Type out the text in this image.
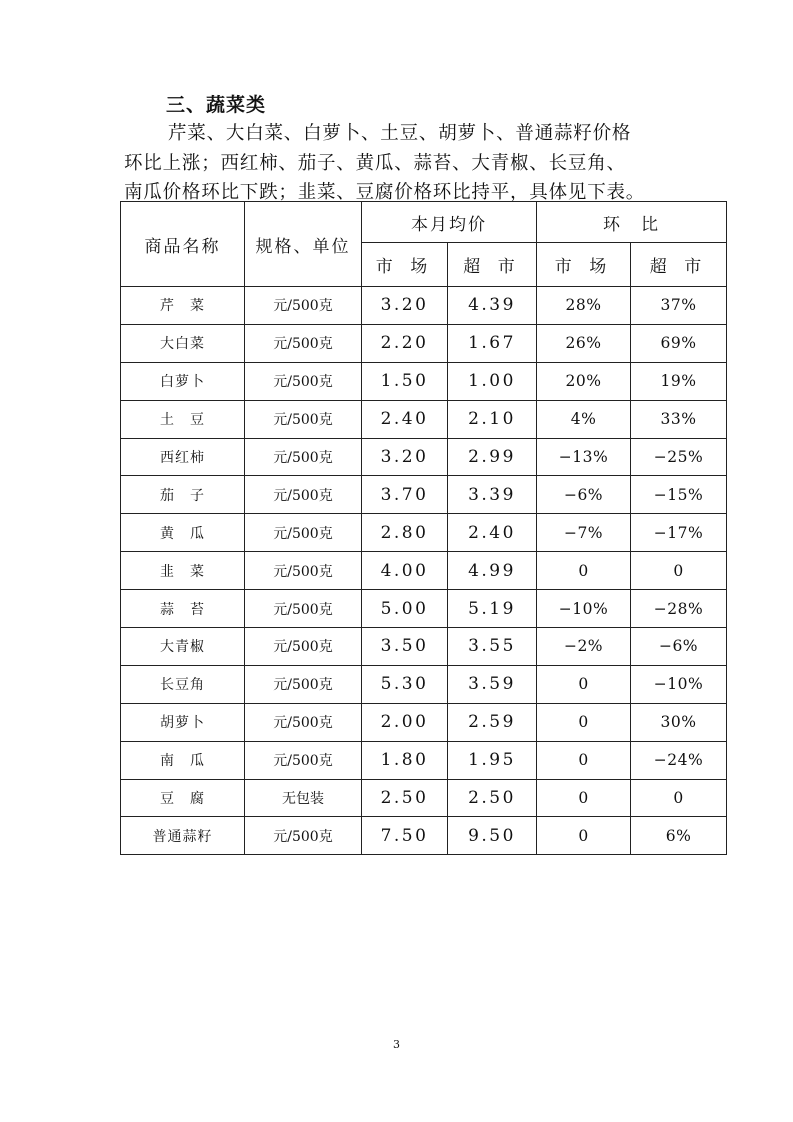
三、蔬菜类
芹菜、大白菜、白萝卜、土豆、胡萝卜、普通蒜籽价格
环比上涨；西红柿、茄子、黄瓜、蒜苔、大青椒、长豆角、
南瓜价格环比下跌；韭菜、豆腐价格环比持平，具体见下表。
商品名称	规格、单位	本月均价		环　比	
		市 场	超 市	市 场	超 市
芹　菜	元/500克	3.20	4.39	28%	37%
大白菜	元/500克	2.20	1.67	26%	69%
白萝卜	元/500克	1.50	1.00	20%	19%
土　豆	元/500克	2.40	2.10	4%	33%
西红柿	元/500克	3.20	2.99	−13%	−25%
茄　子	元/500克	3.70	3.39	−6%	−15%
黄　瓜	元/500克	2.80	2.40	−7%	−17%
韭　菜	元/500克	4.00	4.99	0	0
蒜　苔	元/500克	5.00	5.19	−10%	−28%
大青椒	元/500克	3.50	3.55	−2%	−6%
长豆角	元/500克	5.30	3.59	0	−10%
胡萝卜	元/500克	2.00	2.59	0	30%
南　瓜	元/500克	1.80	1.95	0	−24%
豆　腐	无包装	2.50	2.50	0	0
普通蒜籽	元/500克	7.50	9.50	0	6%
3
